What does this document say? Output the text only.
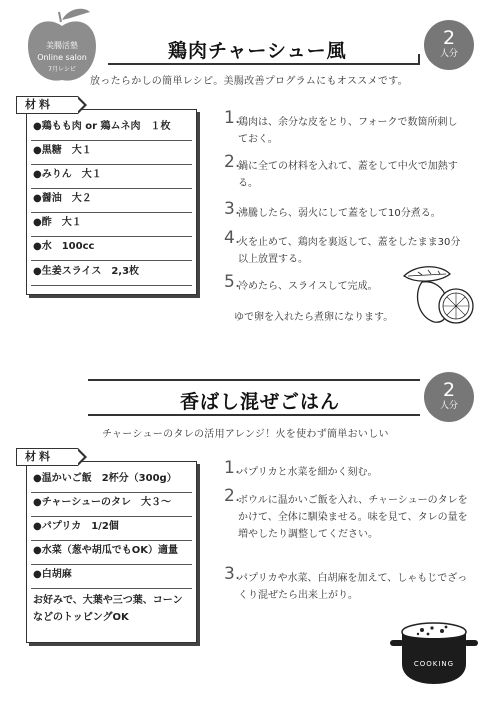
美腸活塾
Online salon
7月レシピ
鶏肉チャーシュー風
2
人分
放ったらかしの簡単レシピ。美腸改善プログラムにもオススメです。
●鶏もも肉 or 鶏ムネ肉　１枚
●黒糖　大１
●みりん　大１
●醤油　大２
●酢　大１
●水　100cc
●生姜スライス　2,3枚
材料
1.
鶏肉は、余分な皮をとり、フォークで数箇所刺しておく。
2.
鍋に全ての材料を入れて、蓋をして中火で加熱する。
3.
沸騰したら、弱火にして蓋をして10分煮る。
4.
火を止めて、鶏肉を裏返して、蓋をしたまま30分以上放置する。
5.
冷めたら、スライスして完成。
ゆで卵を入れたら煮卵になります。
香ばし混ぜごはん
2
人分
チャーシューのタレの活用アレンジ！火を使わず簡単おいしい
●温かいご飯　2杯分（300g）
●チャーシューのタレ　大３〜
●パプリカ　1/2個
●水菜（葱や胡瓜でもOK）適量
●白胡麻
お好みで、大葉や三つ葉、コーンなどのトッピングOK
材料
1.
パプリカと水菜を細かく刻む。
2.
ボウルに温かいご飯を入れ、チャーシューのタレをかけて、全体に馴染ませる。味を見て、タレの量を増やしたり調整してください。
3.
パプリカや水菜、白胡麻を加えて、しゃもじでざっくり混ぜたら出来上がり。
COOKING
